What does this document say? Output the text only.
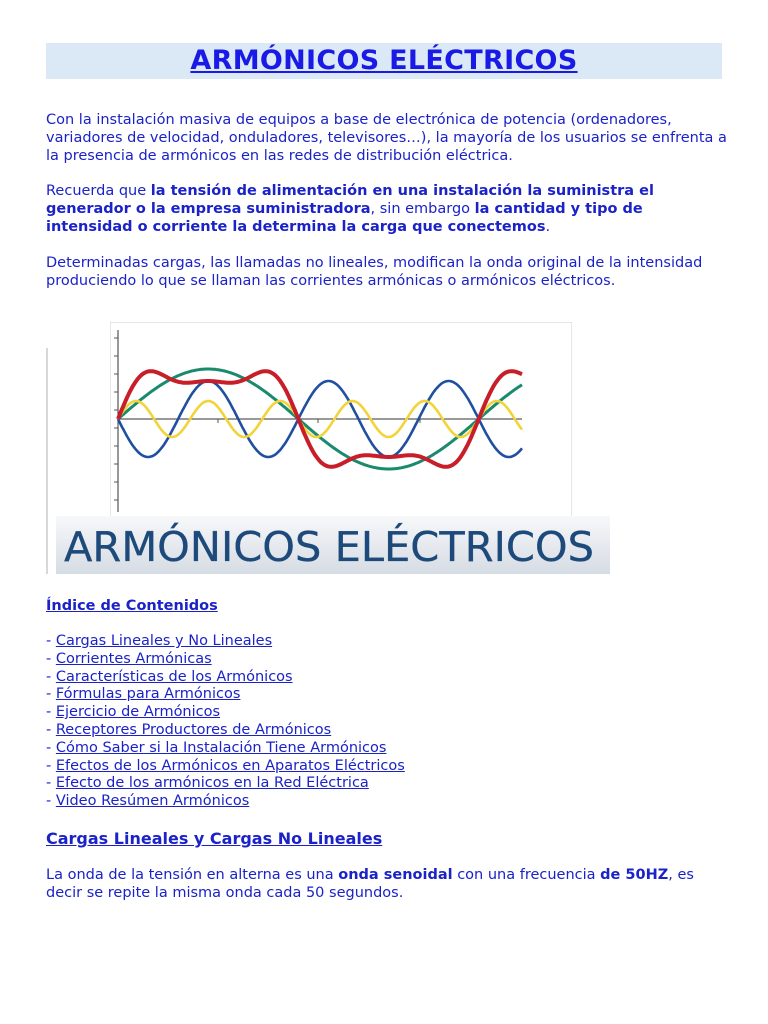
ARMÓNICOS ELÉCTRICOS

Con la instalación masiva de equipos a base de electrónica de potencia (ordenadores, variadores de velocidad, onduladores, televisores…), la mayoría de los usuarios se enfrenta a la presencia de armónicos en las redes de distribución eléctrica.

Recuerda que la tensión de alimentación en una instalación la suministra el generador o la empresa suministradora, sin embargo la cantidad y tipo de intensidad o corriente la determina la carga que conectemos.

Determinadas cargas, las llamadas no lineales, modifican la onda original de la intensidad produciendo lo que se llaman las corrientes armónicas o armónicos eléctricos.

ARMÓNICOS ELÉCTRICOS

Índice de Contenidos

- Cargas Lineales y No Lineales
- Corrientes Armónicas
- Características de los Armónicos
- Fórmulas para Armónicos
- Ejercicio de Armónicos
- Receptores Productores de Armónicos
- Cómo Saber si la Instalación Tiene Armónicos
- Efectos de los Armónicos en Aparatos Eléctricos
- Efecto de los armónicos en la Red Eléctrica
- Video Resúmen Armónicos

Cargas Lineales y Cargas No Lineales

La onda de la tensión en alterna es una onda senoidal con una frecuencia de 50HZ, es decir se repite la misma onda cada 50 segundos.
